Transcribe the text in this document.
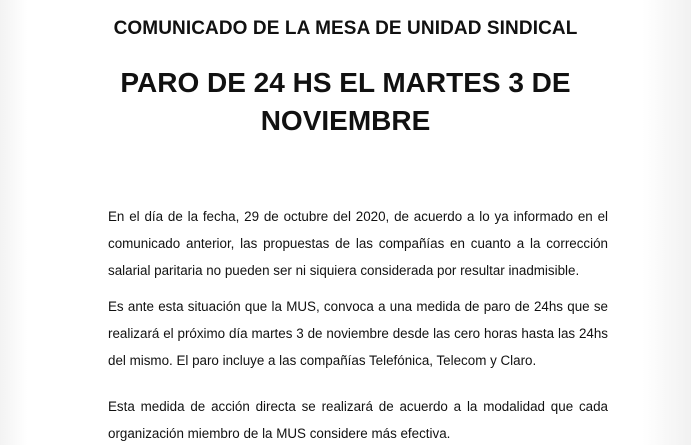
COMUNICADO DE LA MESA DE UNIDAD SINDICAL
PARO DE 24 HS EL MARTES 3 DE NOVIEMBRE

En el día de la fecha, 29 de octubre del 2020, de acuerdo a lo ya informado en el comunicado anterior, las propuestas de las compañías en cuanto a la corrección salarial paritaria no pueden ser ni siquiera considerada por resultar inadmisible.

Es ante esta situación que la MUS, convoca a una medida de paro de 24hs que se realizará el próximo día martes 3 de noviembre desde las cero horas hasta las 24hs del mismo. El paro incluye a las compañías Telefónica, Telecom y Claro.

Esta medida de acción directa se realizará de acuerdo a la modalidad que cada organización miembro de la MUS considere más efectiva.
